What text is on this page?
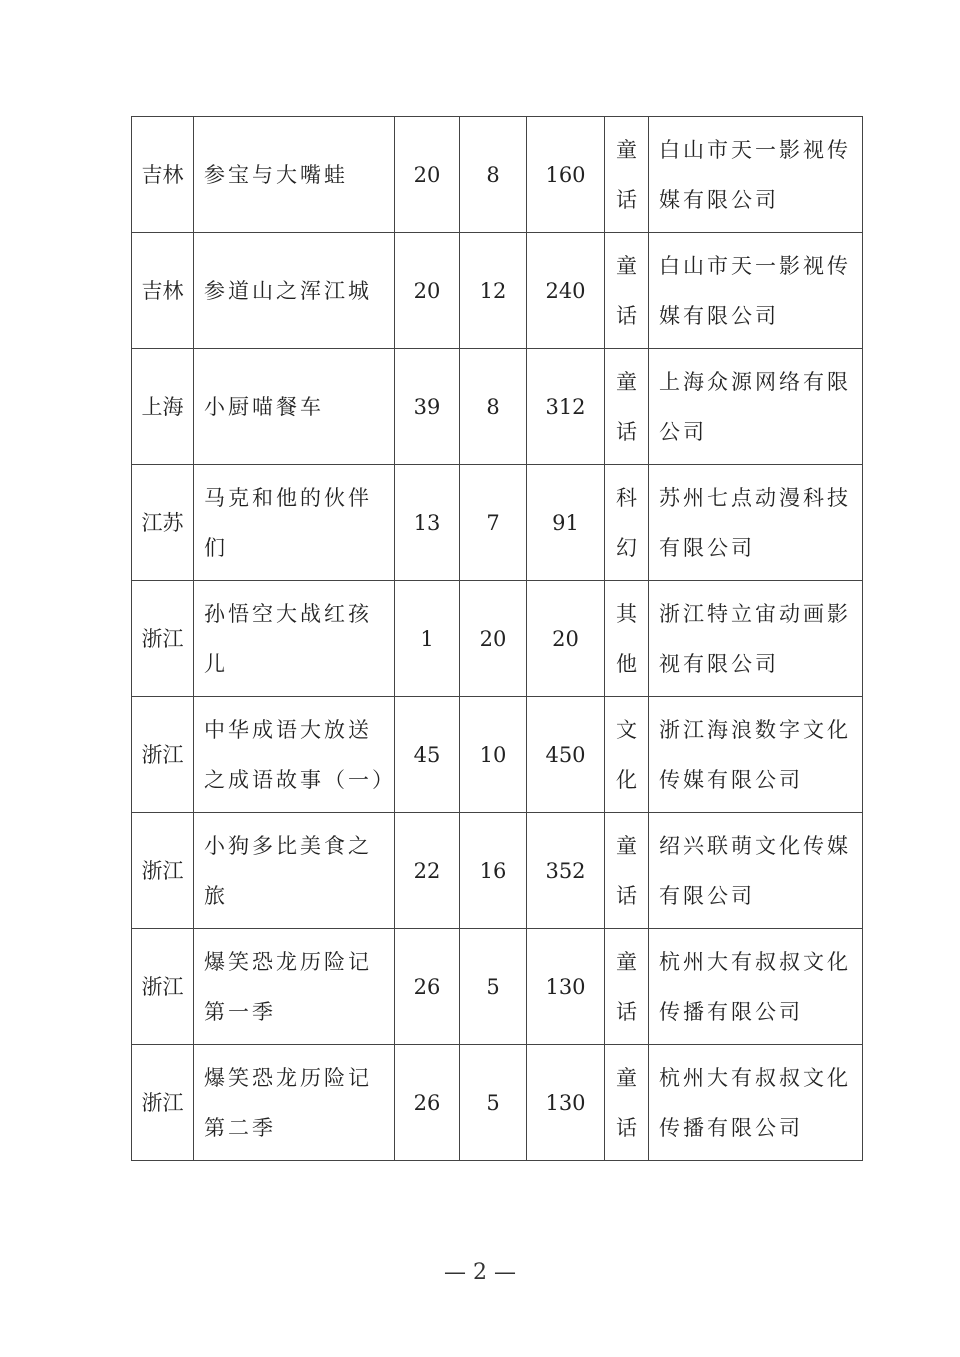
吉林	参宝与大嘴蛙	20	8	160	童话	白山市天一影视传媒有限公司
吉林	参道山之浑江城	20	12	240	童话	白山市天一影视传媒有限公司
上海	小厨喵餐车	39	8	312	童话	上海众源网络有限公司
江苏	马克和他的伙伴们	13	7	91	科幻	苏州七点动漫科技有限公司
浙江	孙悟空大战红孩儿	1	20	20	其他	浙江特立宙动画影视有限公司
浙江	中华成语大放送之成语故事（一）	45	10	450	文化	浙江海浪数字文化传媒有限公司
浙江	小狗多比美食之旅	22	16	352	童话	绍兴联萌文化传媒有限公司
浙江	爆笑恐龙历险记第一季	26	5	130	童话	杭州大有叔叔文化传播有限公司
浙江	爆笑恐龙历险记第二季	26	5	130	童话	杭州大有叔叔文化传播有限公司
— 2 —
